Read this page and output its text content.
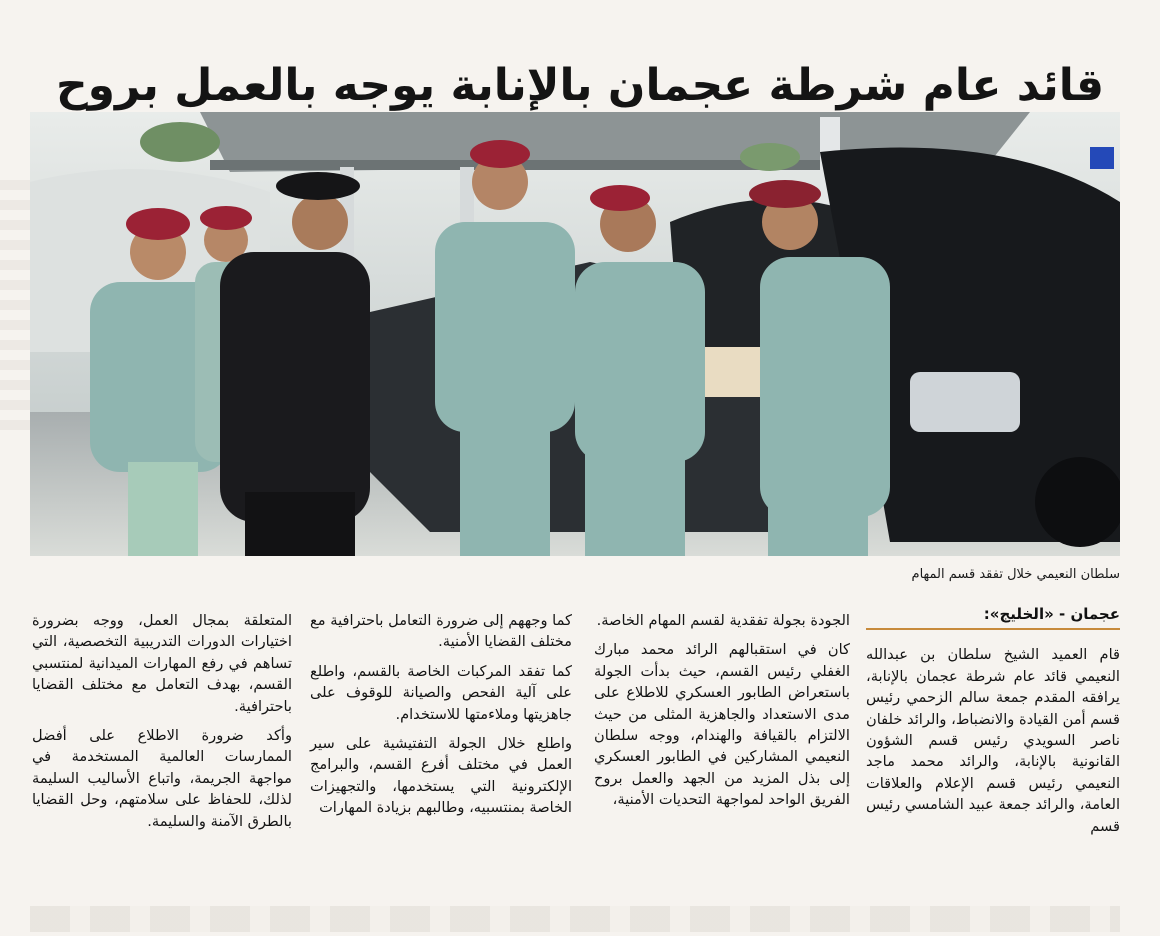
قائد عام شرطة عجمان بالإنابة يوجه بالعمل بروح
سلطان النعيمي خلال تفقد قسم المهام
عجمان - «الخليج»:

قام العميد الشيخ سلطان بن عبدالله النعيمي قائد عام شرطة عجمان بالإنابة، يرافقه المقدم جمعة سالم الزحمي رئيس قسم أمن القيادة والانضباط، والرائد خلفان ناصر السويدي رئيس قسم الشؤون القانونية بالإنابة، والرائد محمد ماجد النعيمي رئيس قسم الإعلام والعلاقات العامة، والرائد جمعة عبيد الشامسي رئيس قسم

الجودة بجولة تفقدية لقسم المهام الخاصة.

كان في استقبالهم الرائد محمد مبارك الغفلي رئيس القسم، حيث بدأت الجولة باستعراض الطابور العسكري للاطلاع على مدى الاستعداد والجاهزية المثلى من حيث الالتزام بالقيافة والهندام، ووجه سلطان النعيمي المشاركين في الطابور العسكري إلى بذل المزيد من الجهد والعمل بروح الفريق الواحد لمواجهة التحديات الأمنية،

كما وجههم إلى ضرورة التعامل باحترافية مع مختلف القضايا الأمنية.

كما تفقد المركبات الخاصة بالقسم، واطلع على آلية الفحص والصيانة للوقوف على جاهزيتها وملاءمتها للاستخدام.

واطلع خلال الجولة التفتيشية على سير العمل في مختلف أفرع القسم، والبرامج الإلكترونية التي يستخدمها، والتجهيزات الخاصة بمنتسبيه، وطالبهم بزيادة المهارات

المتعلقة بمجال العمل، ووجه بضرورة اختيارات الدورات التدريبية التخصصية، التي تساهم في رفع المهارات الميدانية لمنتسبي القسم، بهدف التعامل مع مختلف القضايا باحترافية.

وأكد ضرورة الاطلاع على أفضل الممارسات العالمية المستخدمة في مواجهة الجريمة، واتباع الأساليب السليمة لذلك، للحفاظ على سلامتهم، وحل القضايا بالطرق الآمنة والسليمة.
